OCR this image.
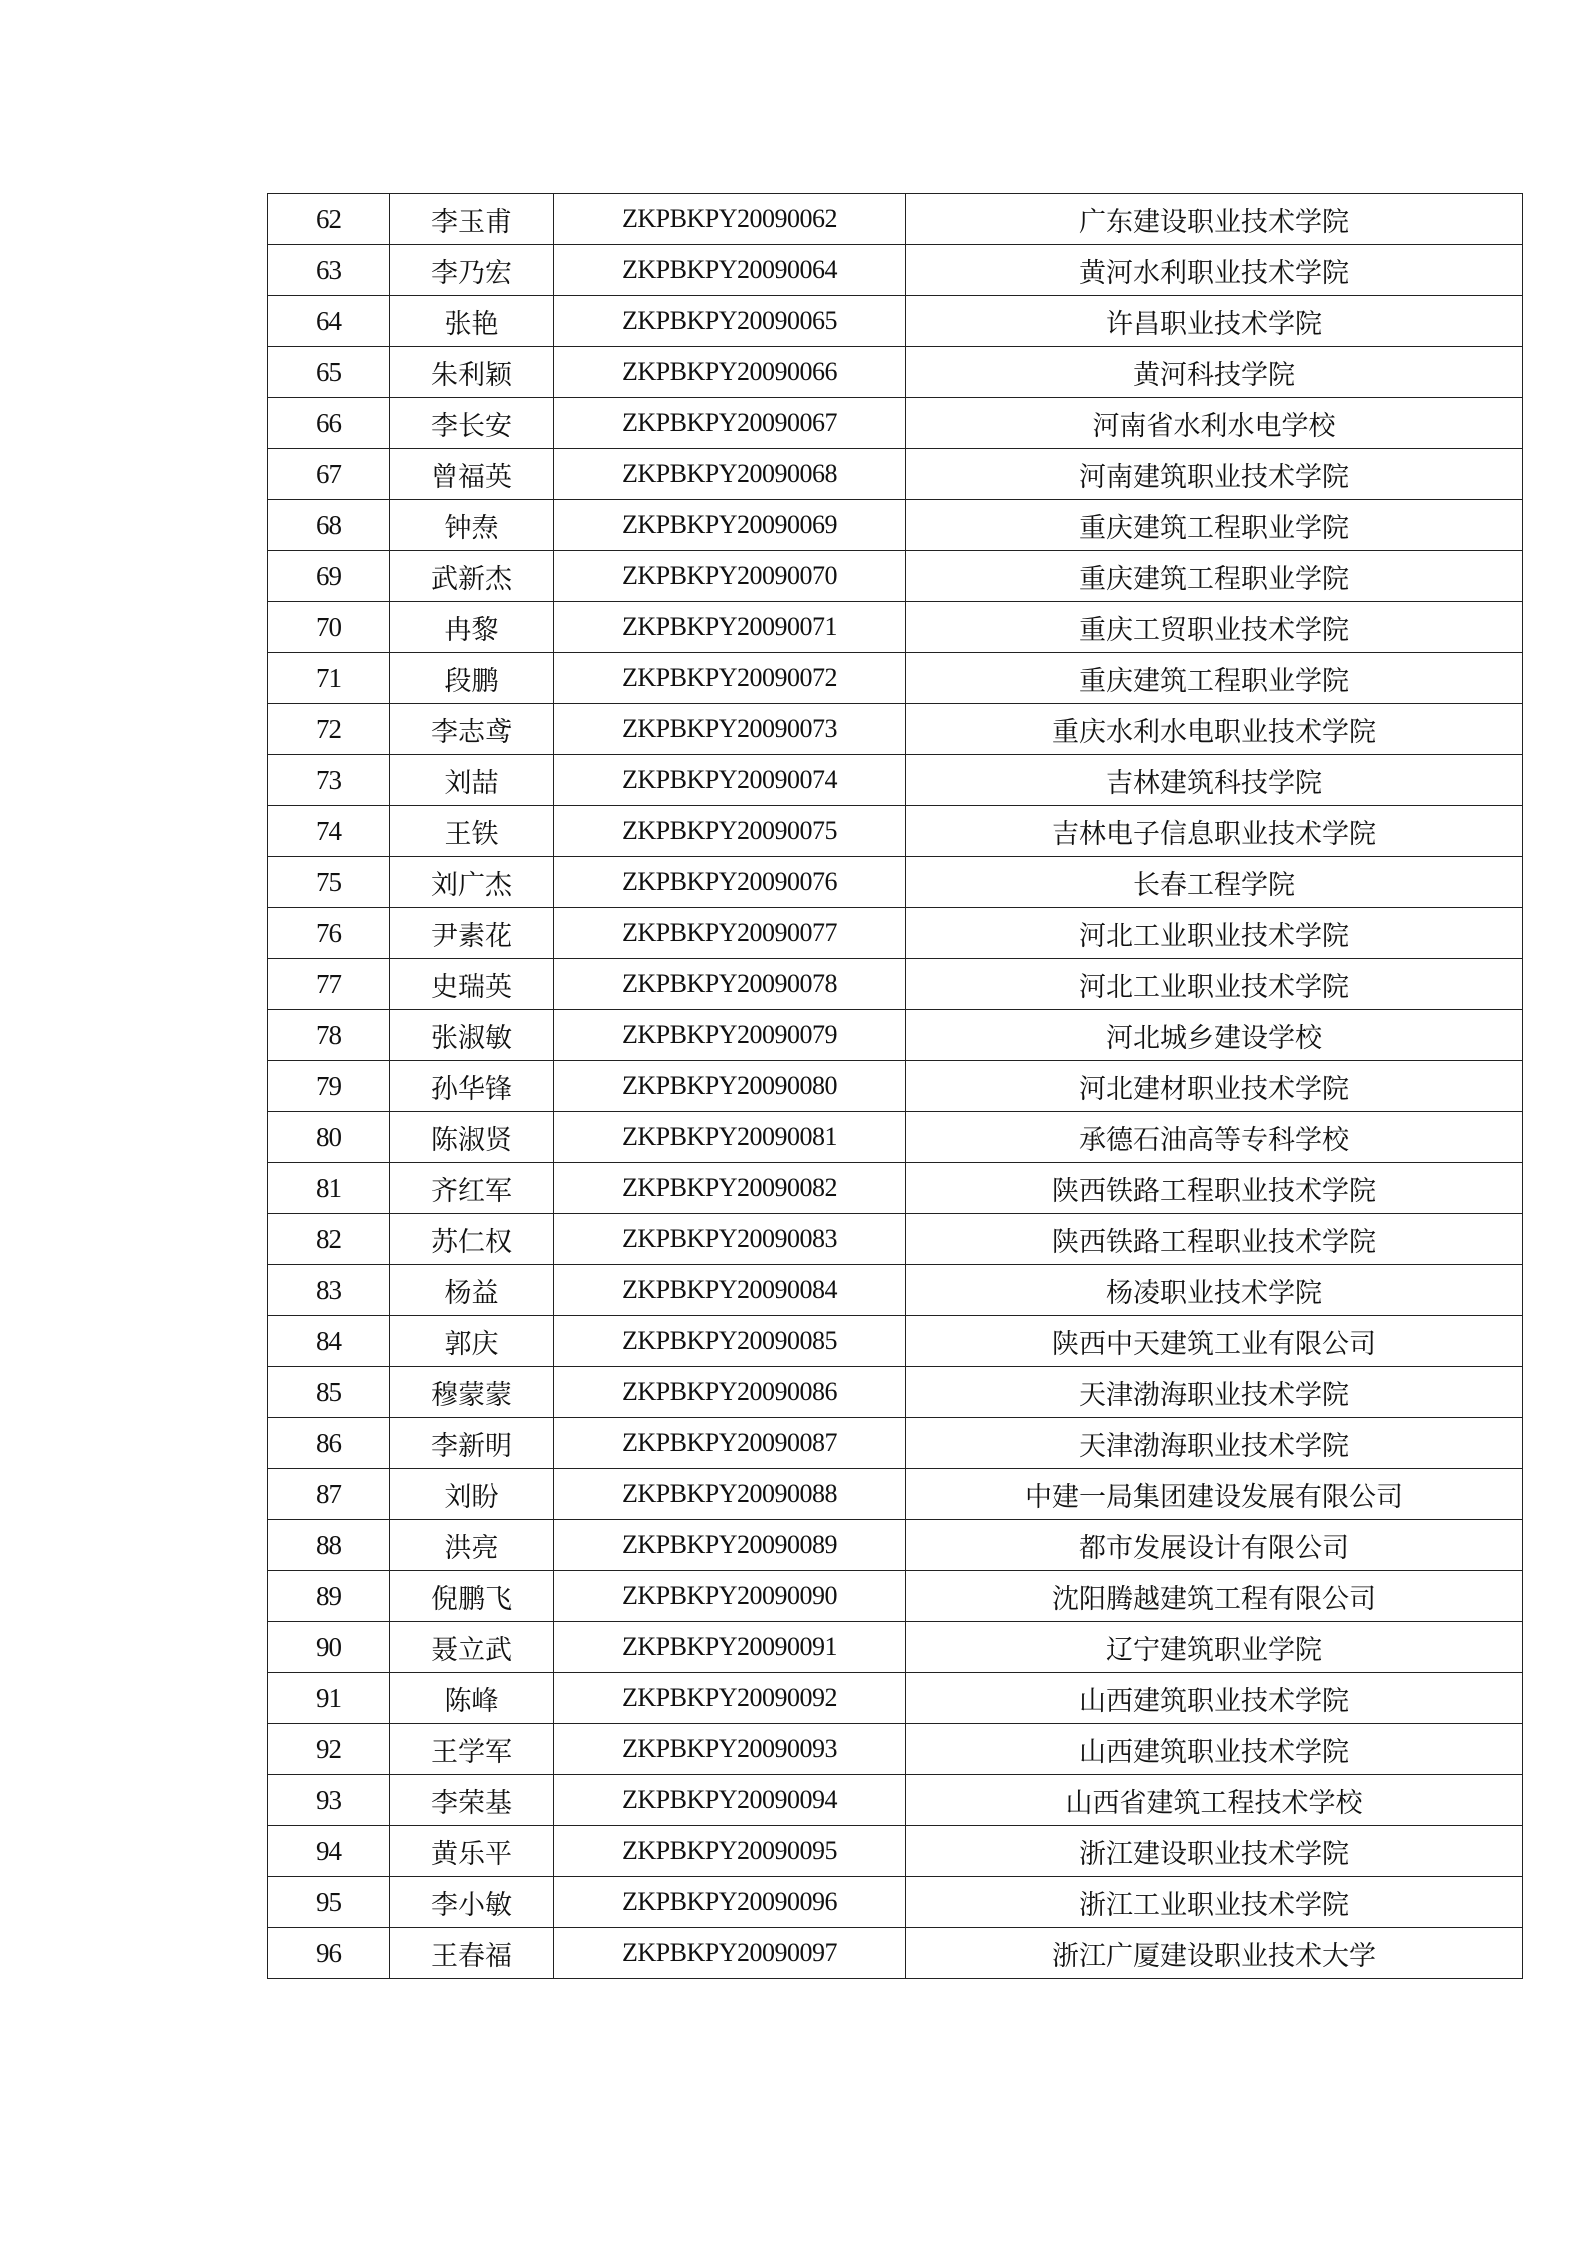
62	李玉甫	ZKPBKPY20090062	广东建设职业技术学院
63	李乃宏	ZKPBKPY20090064	黄河水利职业技术学院
64	张艳	ZKPBKPY20090065	许昌职业技术学院
65	朱利颖	ZKPBKPY20090066	黄河科技学院
66	李长安	ZKPBKPY20090067	河南省水利水电学校
67	曾福英	ZKPBKPY20090068	河南建筑职业技术学院
68	钟焘	ZKPBKPY20090069	重庆建筑工程职业学院
69	武新杰	ZKPBKPY20090070	重庆建筑工程职业学院
70	冉黎	ZKPBKPY20090071	重庆工贸职业技术学院
71	段鹏	ZKPBKPY20090072	重庆建筑工程职业学院
72	李志鸢	ZKPBKPY20090073	重庆水利水电职业技术学院
73	刘喆	ZKPBKPY20090074	吉林建筑科技学院
74	王铁	ZKPBKPY20090075	吉林电子信息职业技术学院
75	刘广杰	ZKPBKPY20090076	长春工程学院
76	尹素花	ZKPBKPY20090077	河北工业职业技术学院
77	史瑞英	ZKPBKPY20090078	河北工业职业技术学院
78	张淑敏	ZKPBKPY20090079	河北城乡建设学校
79	孙华锋	ZKPBKPY20090080	河北建材职业技术学院
80	陈淑贤	ZKPBKPY20090081	承德石油高等专科学校
81	齐红军	ZKPBKPY20090082	陕西铁路工程职业技术学院
82	苏仁权	ZKPBKPY20090083	陕西铁路工程职业技术学院
83	杨益	ZKPBKPY20090084	杨凌职业技术学院
84	郭庆	ZKPBKPY20090085	陕西中天建筑工业有限公司
85	穆蒙蒙	ZKPBKPY20090086	天津渤海职业技术学院
86	李新明	ZKPBKPY20090087	天津渤海职业技术学院
87	刘盼	ZKPBKPY20090088	中建一局集团建设发展有限公司
88	洪亮	ZKPBKPY20090089	都市发展设计有限公司
89	倪鹏飞	ZKPBKPY20090090	沈阳腾越建筑工程有限公司
90	聂立武	ZKPBKPY20090091	辽宁建筑职业学院
91	陈峰	ZKPBKPY20090092	山西建筑职业技术学院
92	王学军	ZKPBKPY20090093	山西建筑职业技术学院
93	李荣基	ZKPBKPY20090094	山西省建筑工程技术学校
94	黄乐平	ZKPBKPY20090095	浙江建设职业技术学院
95	李小敏	ZKPBKPY20090096	浙江工业职业技术学院
96	王春福	ZKPBKPY20090097	浙江广厦建设职业技术大学
